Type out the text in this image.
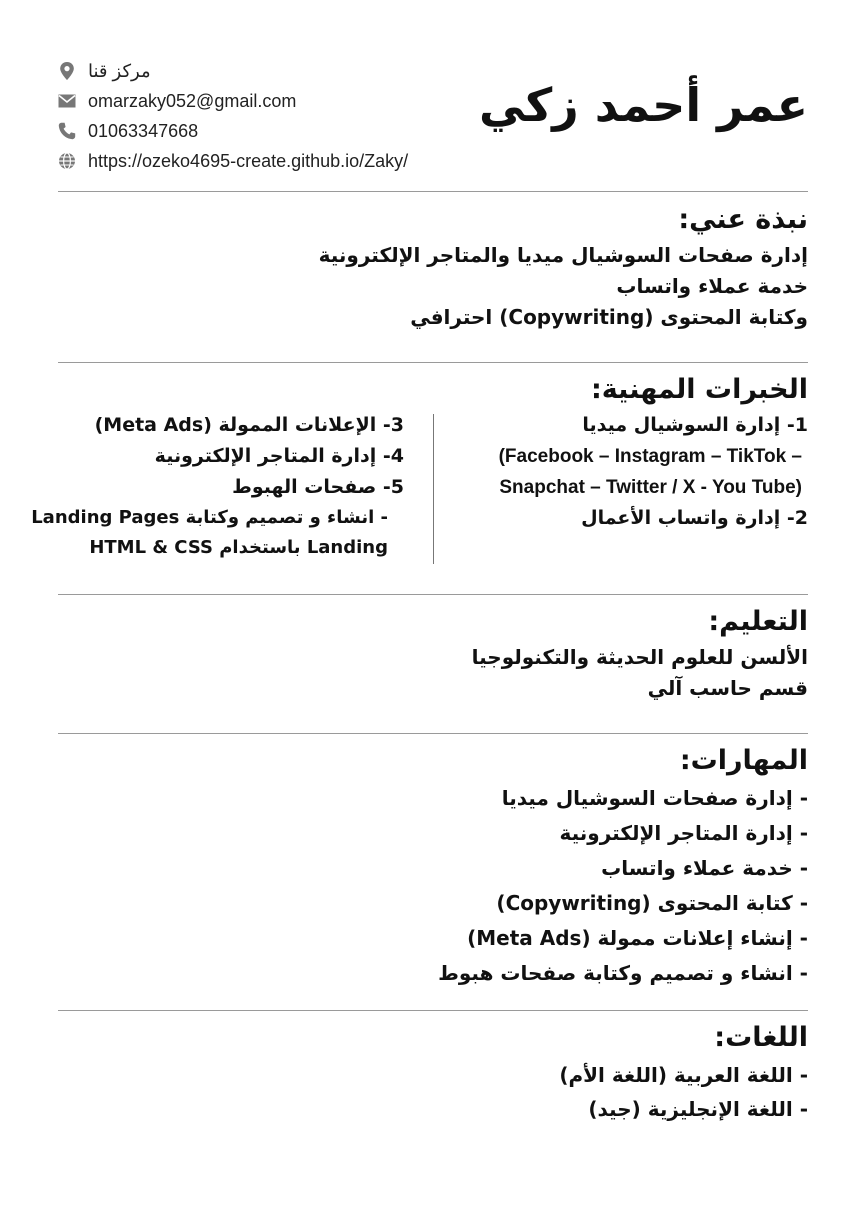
مركز قنا
omarzaky052@gmail.com
01063347668
https://ozeko4695-create.github.io/Zaky/
عمر أحمد زكي
نبذة عني:
إدارة صفحات السوشيال ميديا والمتاجر الإلكترونية
خدمة عملاء واتساب
وكتابة المحتوى (Copywriting) احترافي
الخبرات المهنية:
1- إدارة السوشيال ميديا
(Facebook – Instagram – TikTok –
Snapchat – Twitter / X - You Tube)
2- إدارة واتساب الأعمال
3- الإعلانات الممولة (Meta Ads)
4- إدارة المتاجر الإلكترونية
5- صفحات الهبوط
- انشاء و تصميم وكتابة Landing Pages
Landing باستخدام HTML & CSS
التعليم:
الألسن للعلوم الحديثة والتكنولوجيا
قسم حاسب آلي
المهارات:
- إدارة صفحات السوشيال ميديا
- إدارة المتاجر الإلكترونية
- خدمة عملاء واتساب
- كتابة المحتوى (Copywriting)
- إنشاء إعلانات ممولة (Meta Ads)
- انشاء و تصميم وكتابة صفحات هبوط
اللغات:
- اللغة العربية (اللغة الأم)
- اللغة الإنجليزية (جيد)
